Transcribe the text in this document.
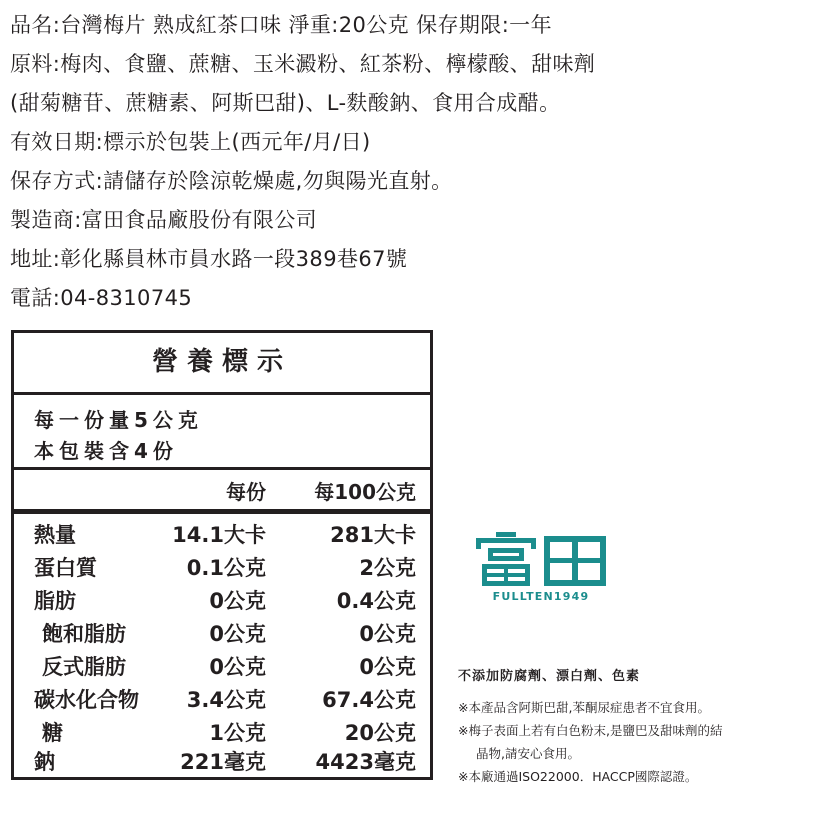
品名:台灣梅片 熟成紅茶口味 淨重:20公克 保存期限:一年
原料:梅肉、食鹽、蔗糖、玉米澱粉、紅茶粉、檸檬酸、甜味劑
(甜菊糖苷、蔗糖素、阿斯巴甜)、L-麩酸鈉、食用合成醋。
有效日期:標示於包裝上(西元年/月/日)
保存方式:請儲存於陰涼乾燥處,勿與陽光直射。
製造商:富田食品廠股份有限公司
地址:彰化縣員林市員水路一段389巷67號
電話:04-8310745
營養標示
每一份量5公克
本包裝含4份
每份 每100公克
熱量	14.1大卡	281大卡
蛋白質	0.1公克	2公克
脂肪	0公克	0.4公克
飽和脂肪	0公克	0公克
反式脂肪	0公克	0公克
碳水化合物 3.4公克	67.4公克
糖	1公克	20公克
鈉	221毫克 4423毫克
FULLTEN1949
不添加防腐劑、漂白劑、色素
※本產品含阿斯巴甜,苯酮尿症患者不宜食用。
※梅子表面上若有白色粉末,是鹽巴及甜味劑的結
晶物,請安心食用。
※本廠通過ISO22000．HACCP國際認證。
